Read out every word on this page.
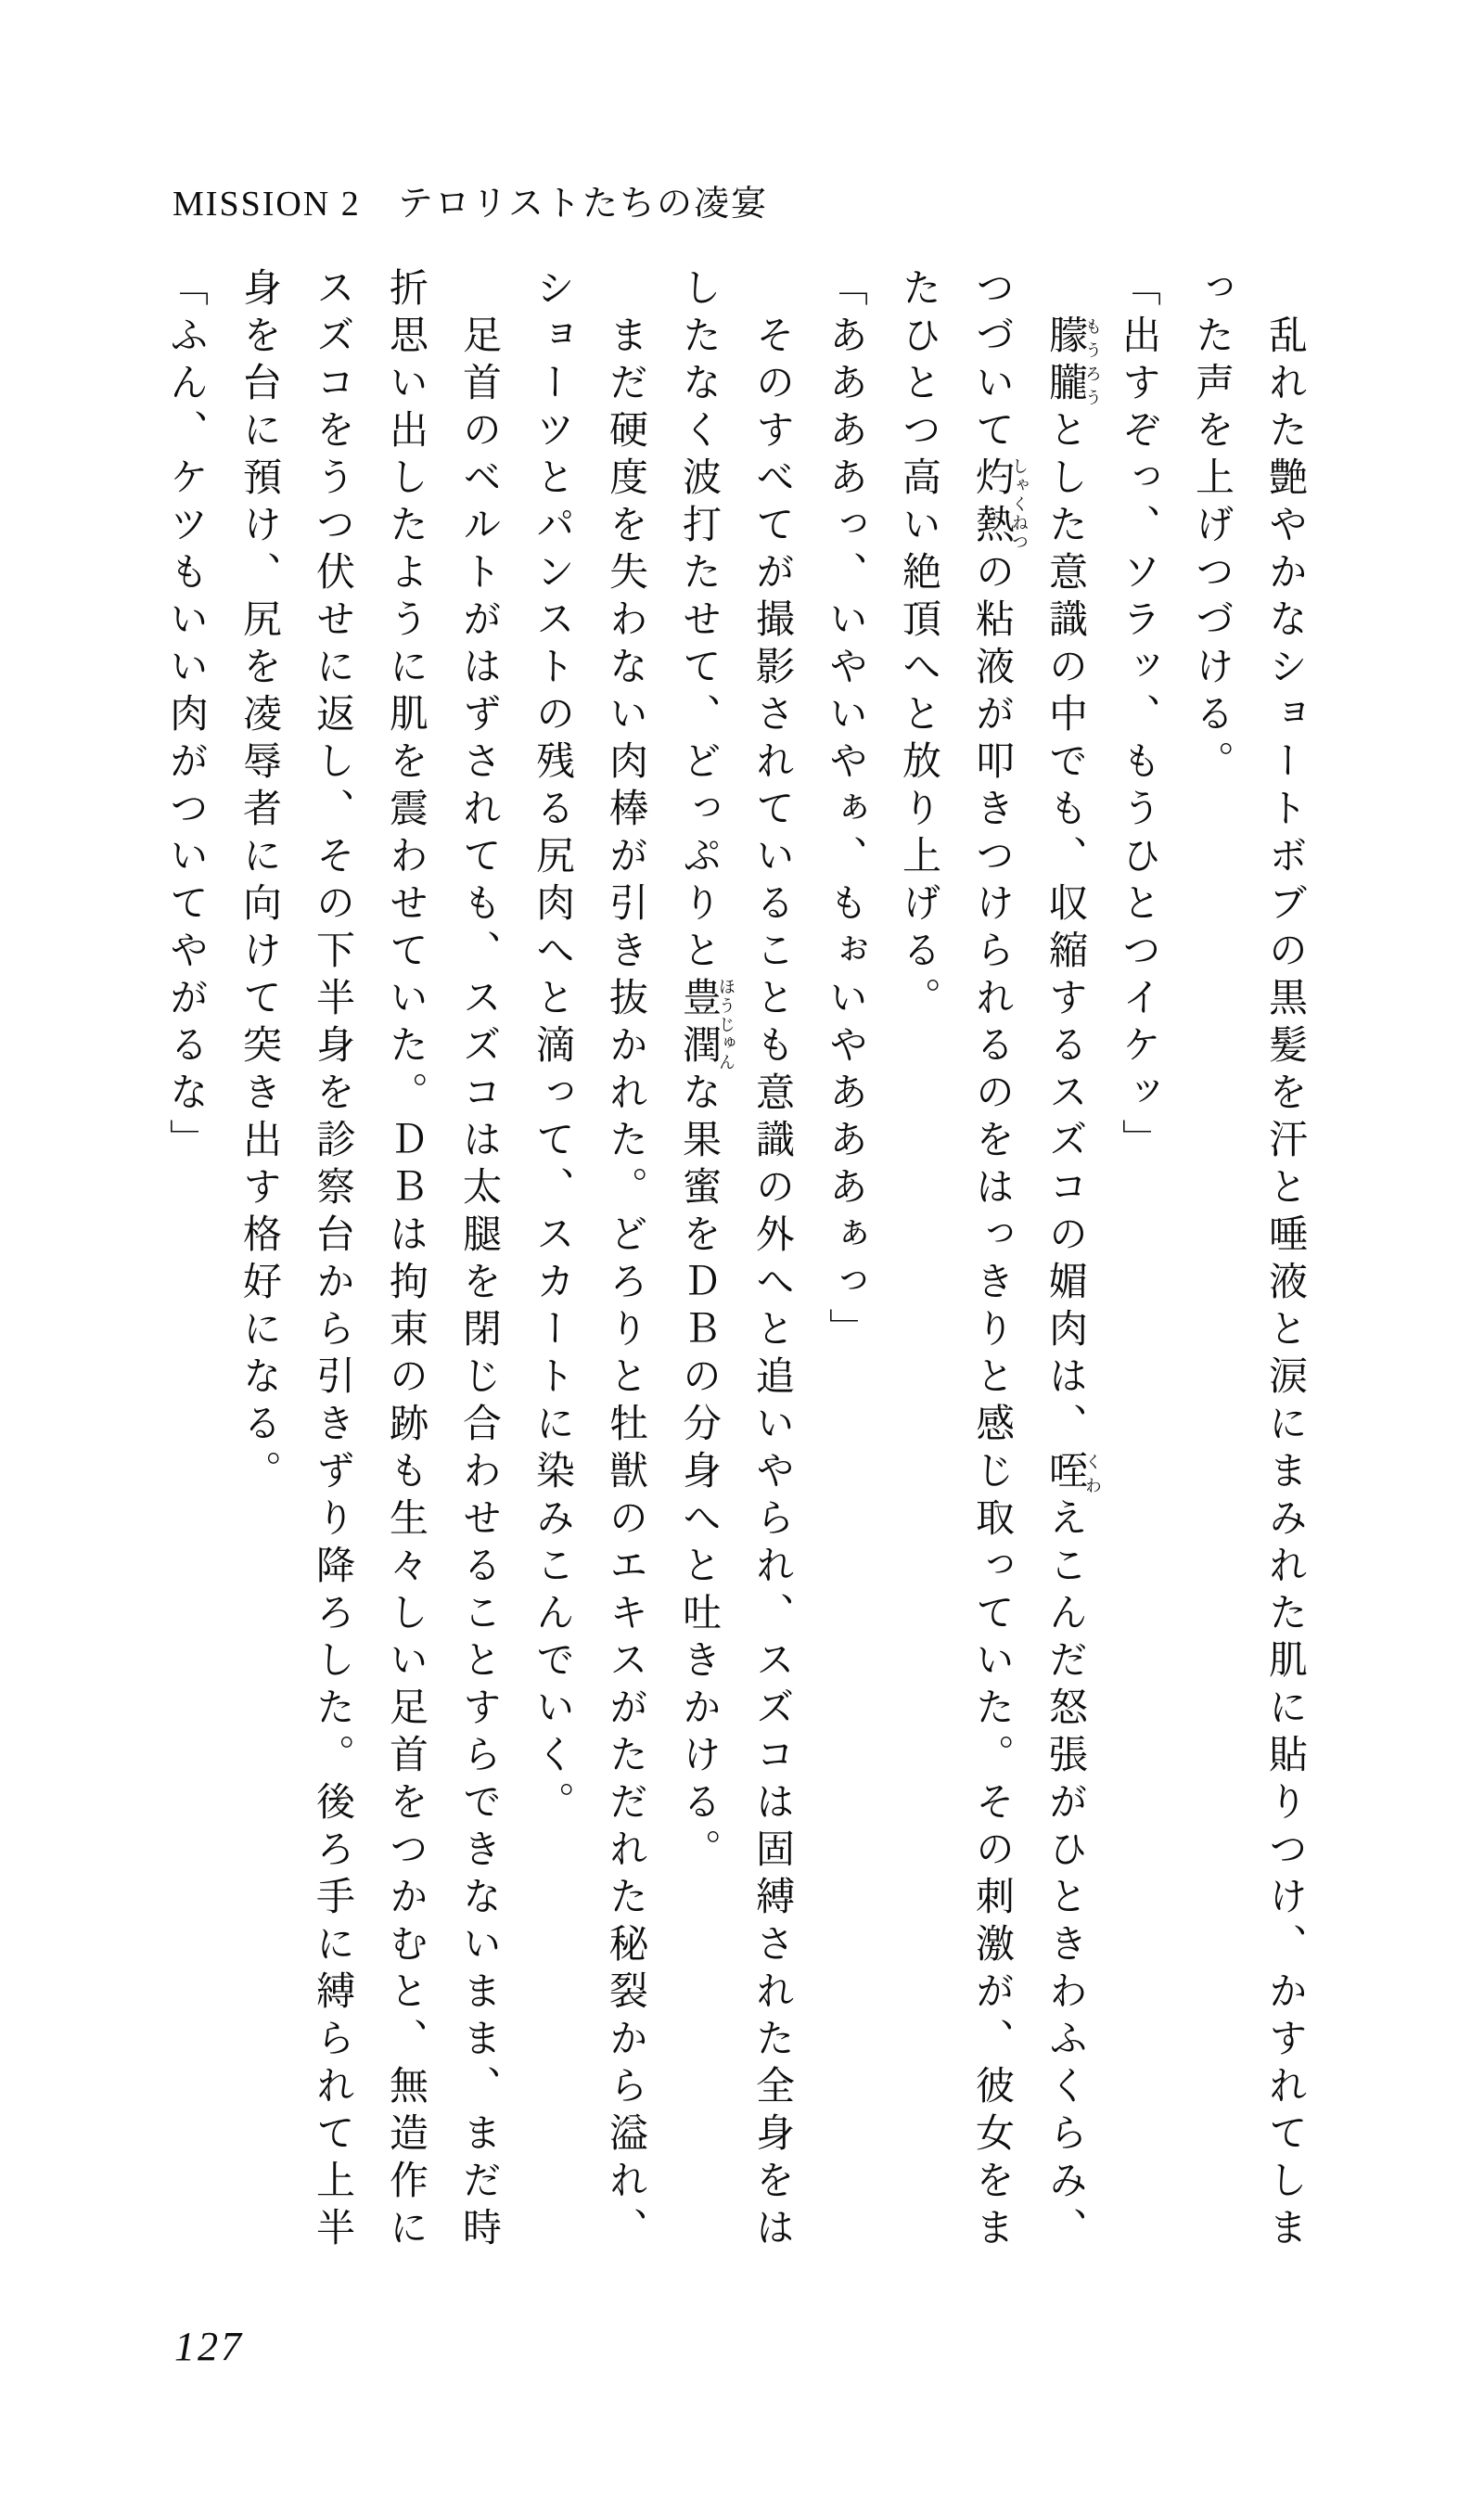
MISSION 2　テロリストたちの凌宴

乱れた艶やかなショートボブの黒髪を汗と唾液と涙にまみれた肌に貼りつけ、かすれてしまった声を上げつづける。

「出すぞっ、ソラッ、もうひとつイケッ」

朦朧もうろうとした意識の中でも、収縮するスズコの媚肉は、咥くわえこんだ怒張がひときわふくらみ、つづいて灼熱しゃくねつの粘液が叩きつけられるのをはっきりと感じ取っていた。その刺激が、彼女をまたひとつ高い絶頂へと放り上げる。

「ああああっ、いやいやぁ、もぉいやあああぁっ」

そのすべてが撮影されていることも意識の外へと追いやられ、スズコは固縛された全身をはしたなく波打たせて、どっぷりと豊潤ほうじゅんな果蜜をＤＢの分身へと吐きかける。

まだ硬度を失わない肉棒が引き抜かれた。どろりと牡獣のエキスがただれた秘裂から溢れ、ショーツとパンストの残る尻肉へと滴って、スカートに染みこんでいく。

足首のベルトがはずされても、スズコは太腿を閉じ合わせることすらできないまま、まだ時折思い出したように肌を震わせていた。ＤＢは拘束の跡も生々しい足首をつかむと、無造作にスズコをうつ伏せに返し、その下半身を診察台から引きずり降ろした。後ろ手に縛られて上半身を台に預け、尻を凌辱者に向けて突き出す格好になる。

「ふん、ケツもいい肉がついてやがるな」

127
